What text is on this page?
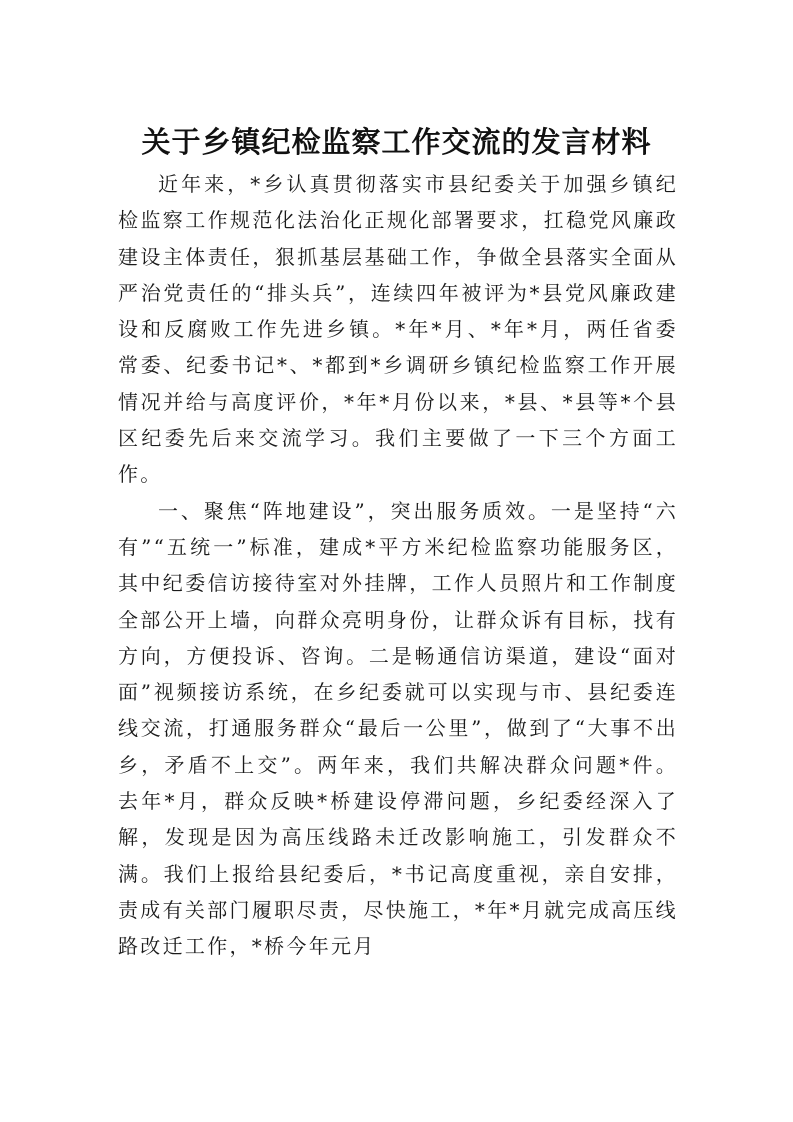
关于乡镇纪检监察工作交流的发言材料

近年来，*乡认真贯彻落实市县纪委关于加强乡镇纪检监察工作规范化法治化正规化部署要求，扛稳党风廉政建设主体责任，狠抓基层基础工作，争做全县落实全面从严治党责任的“排头兵”，连续四年被评为*县党风廉政建设和反腐败工作先进乡镇。*年*月、*年*月，两任省委常委、纪委书记*、*都到*乡调研乡镇纪检监察工作开展情况并给与高度评价，*年*月份以来，*县、*县等*个县区纪委先后来交流学习。我们主要做了一下三个方面工作。

一、聚焦“阵地建设”，突出服务质效。一是坚持“六有”“五统一”标准，建成*平方米纪检监察功能服务区，其中纪委信访接待室对外挂牌，工作人员照片和工作制度全部公开上墙，向群众亮明身份，让群众诉有目标，找有方向，方便投诉、咨询。二是畅通信访渠道，建设“面对面”视频接访系统，在乡纪委就可以实现与市、县纪委连线交流，打通服务群众“最后一公里”，做到了“大事不出乡，矛盾不上交”。两年来，我们共解决群众问题*件。去年*月，群众反映*桥建设停滞问题，乡纪委经深入了解，发现是因为高压线路未迁改影响施工，引发群众不满。我们上报给县纪委后，*书记高度重视，亲自安排，责成有关部门履职尽责，尽快施工，*年*月就完成高压线路改迁工作，*桥今年元月
